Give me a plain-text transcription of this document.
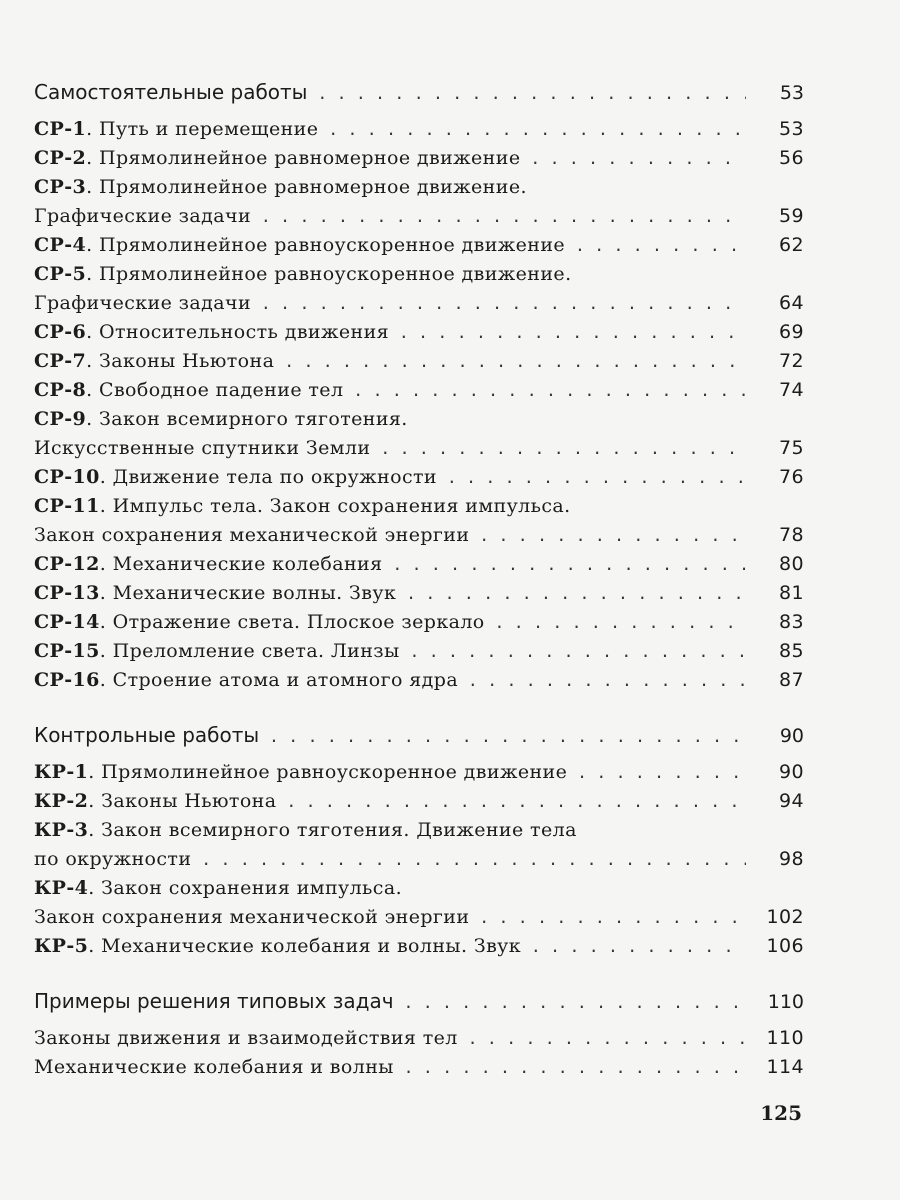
Самостоятельные работы . . .	53
СР-1 . Путь и перемещение . . .	53
СР-2 . Прямолинейное равномерное движение . . .	56
СР-3 . Прямолинейное равномерное движение.
Графические задачи . . .	59
СР-4 . Прямолинейное равноускоренное движение . . .	62
СР-5 . Прямолинейное равноускоренное движение.
Графические задачи . . .	64
СР-6 . Относительность движения . . .	69
СР-7 . Законы Ньютона . . .	72
СР-8 . Свободное падение тел . . .	74
СР-9 . Закон всемирного тяготения.
Искусственные спутники Земли . . .	75
СР-10 . Движение тела по окружности . . .	76
СР-11 . Импульс тела. Закон сохранения импульса.
Закон сохранения механической энергии . . .	78
СР-12 . Механические колебания . . .	80
СР-13 . Механические волны. Звук . . .	81
СР-14 . Отражение света. Плоское зеркало . . .	83
СР-15 . Преломление света. Линзы . . .	85
СР-16 . Строение атома и атомного ядра . . .	87
Контрольные работы . . .	90
КР-1 . Прямолинейное равноускоренное движение . . .	90
КР-2 . Законы Ньютона . . .	94
КР-3 . Закон всемирного тяготения. Движение тела
по окружности . . .	98
КР-4 . Закон сохранения импульса.
Закон сохранения механической энергии . . .	102
КР-5 . Механические колебания и волны. Звук . . .	106
Примеры решения типовых задач . . .	110
Законы движения и взаимодействия тел . . .	110
Механические колебания и волны . . .	114
125
